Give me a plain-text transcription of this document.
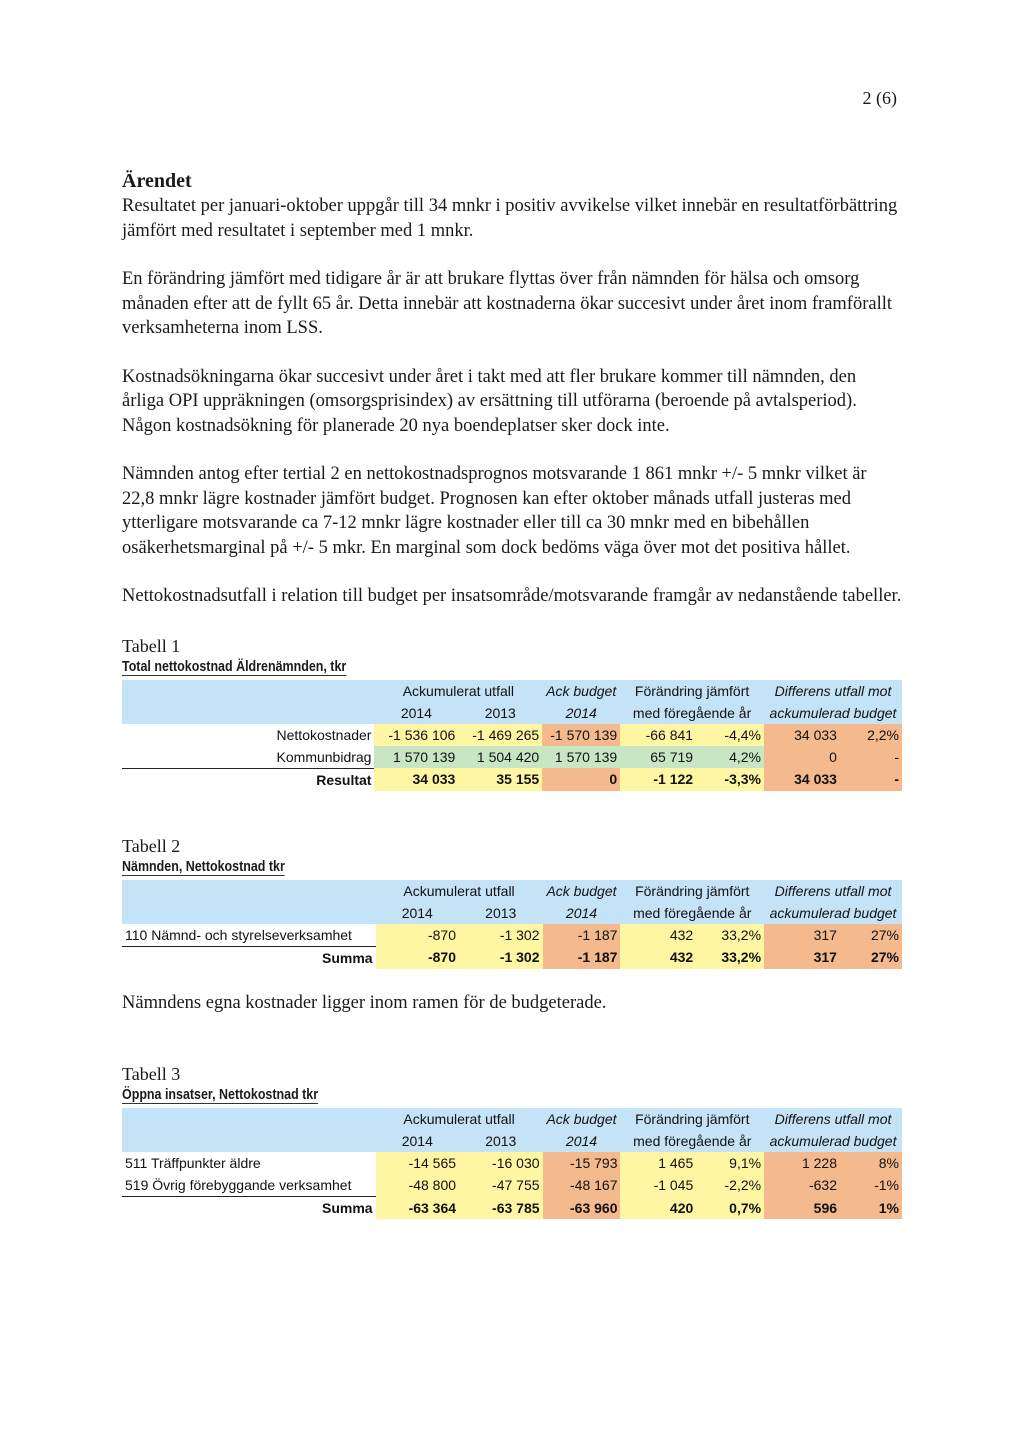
2 (6)
Ärendet

Resultatet per januari-oktober uppgår till 34 mnkr i positiv avvikelse vilket innebär en resultatförbättring jämfört med resultatet i september med 1 mnkr.

En förändring jämfört med tidigare år är att brukare flyttas över från nämnden för hälsa och omsorg månaden efter att de fyllt 65 år. Detta innebär att kostnaderna ökar succesivt under året inom framförallt verksamheterna inom LSS.

Kostnadsökningarna ökar succesivt under året i takt med att fler brukare kommer till nämnden, den årliga OPI uppräkningen (omsorgsprisindex) av ersättning till utförarna (beroende på avtalsperiod). Någon kostnadsökning för planerade 20 nya boendeplatser sker dock inte.

Nämnden antog efter tertial 2 en nettokostnadsprognos motsvarande 1 861 mnkr +/- 5 mnkr vilket är 22,8 mnkr lägre kostnader jämfört budget. Prognosen kan efter oktober månads utfall justeras med ytterligare motsvarande ca 7-12 mnkr lägre kostnader eller till ca 30 mnkr med en bibehållen osäkerhetsmarginal på +/- 5 mkr. En marginal som dock bedöms väga över mot det positiva hållet.

Nettokostnadsutfall i relation till budget per insatsområde/motsvarande framgår av nedanstående tabeller.

Tabell 1
Total nettokostnad Äldrenämnden, tkr
	Ackumulerat utfall		Ack budget	Förändring jämfört		Differens utfall mot	
	2014	2013	2014	med föregående år		ackumulerad budget	
Nettokostnader	-1 536 106	-1 469 265	-1 570 139	-66 841	-4,4%	34 033	2,2%
Kommunbidrag	1 570 139	1 504 420	1 570 139	65 719	4,2%	0	-
Resultat	34 033	35 155	0	-1 122	-3,3%	34 033	-
Tabell 2
Nämnden, Nettokostnad tkr
	Ackumulerat utfall		Ack budget	Förändring jämfört		Differens utfall mot	
	2014	2013	2014	med föregående år		ackumulerad budget	
110 Nämnd- och styrelseverksamhet	-870	-1 302	-1 187	432	33,2%	317	27%
Summa	-870	-1 302	-1 187	432	33,2%	317	27%

Nämndens egna kostnader ligger inom ramen för de budgeterade.

Tabell 3
Öppna insatser, Nettokostnad tkr
	Ackumulerat utfall		Ack budget	Förändring jämfört		Differens utfall mot	
	2014	2013	2014	med föregående år		ackumulerad budget	
511 Träffpunkter äldre	-14 565	-16 030	-15 793	1 465	9,1%	1 228	8%
519 Övrig förebyggande verksamhet	-48 800	-47 755	-48 167	-1 045	-2,2%	-632	-1%
Summa	-63 364	-63 785	-63 960	420	0,7%	596	1%
